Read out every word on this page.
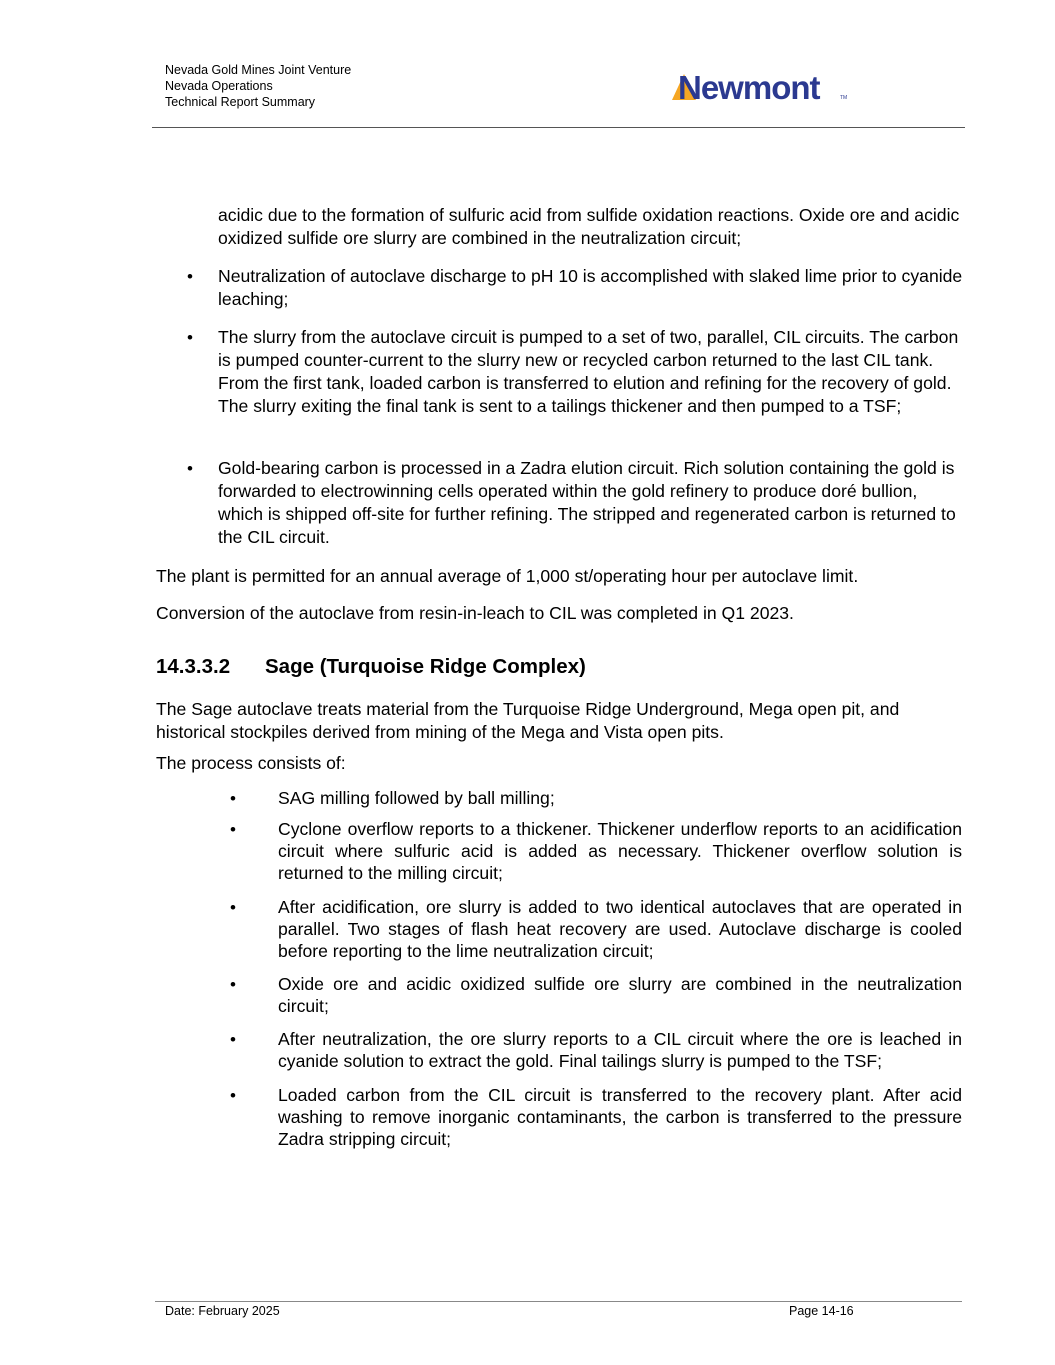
Nevada Gold Mines Joint Venture
Nevada Operations
Technical Report Summary	Newmont	TM
acidic due to the formation of sulfuric acid from sulfide oxidation reactions. Oxide ore and acidic oxidized sulfide ore slurry are combined in the neutralization circuit;
• Neutralization of autoclave discharge to pH 10 is accomplished with slaked lime prior to cyanide leaching;
• The slurry from the autoclave circuit is pumped to a set of two, parallel, CIL circuits. The carbon is pumped counter-current to the slurry new or recycled carbon returned to the last CIL tank. From the first tank, loaded carbon is transferred to elution and refining for the recovery of gold. The slurry exiting the final tank is sent to a tailings thickener and then pumped to a TSF;
• Gold-bearing carbon is processed in a Zadra elution circuit. Rich solution containing the gold is forwarded to electrowinning cells operated within the gold refinery to produce doré bullion, which is shipped off-site for further refining. The stripped and regenerated carbon is returned to the CIL circuit.
The plant is permitted for an annual average of 1,000 st/operating hour per autoclave limit.
Conversion of the autoclave from resin-in-leach to CIL was completed in Q1 2023.
14.3.3.2 Sage (Turquoise Ridge Complex)
The Sage autoclave treats material from the Turquoise Ridge Underground, Mega open pit, and historical stockpiles derived from mining of the Mega and Vista open pits.
The process consists of:
• SAG milling followed by ball milling;
• Cyclone overflow reports to a thickener. Thickener underflow reports to an acidification circuit where sulfuric acid is added as necessary. Thickener overflow solution is returned to the milling circuit;
• After acidification, ore slurry is added to two identical autoclaves that are operated in parallel. Two stages of flash heat recovery are used. Autoclave discharge is cooled before reporting to the lime neutralization circuit;
• Oxide ore and acidic oxidized sulfide ore slurry are combined in the neutralization circuit;
• After neutralization, the ore slurry reports to a CIL circuit where the ore is leached in cyanide solution to extract the gold. Final tailings slurry is pumped to the TSF;
• Loaded carbon from the CIL circuit is transferred to the recovery plant. After acid washing to remove inorganic contaminants, the carbon is transferred to the pressure Zadra stripping circuit;
Date: February 2025	Page 14-16
